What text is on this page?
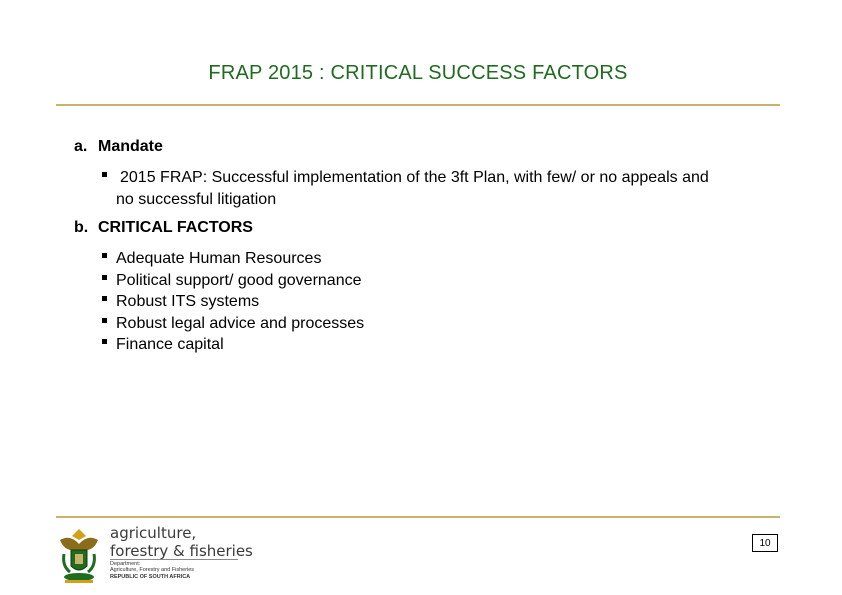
FRAP 2015 : CRITICAL SUCCESS FACTORS
a. Mandate
2015 FRAP: Successful implementation of the 3ft Plan, with few/ or no appeals and
no successful litigation
b. CRITICAL FACTORS
Adequate Human Resources
Political support/ good governance
Robust ITS systems
Robust legal advice and processes
Finance capital
agriculture,
forestry & fisheries
Department:
Agriculture, Forestry and Fisheries
REPUBLIC OF SOUTH AFRICA
10
